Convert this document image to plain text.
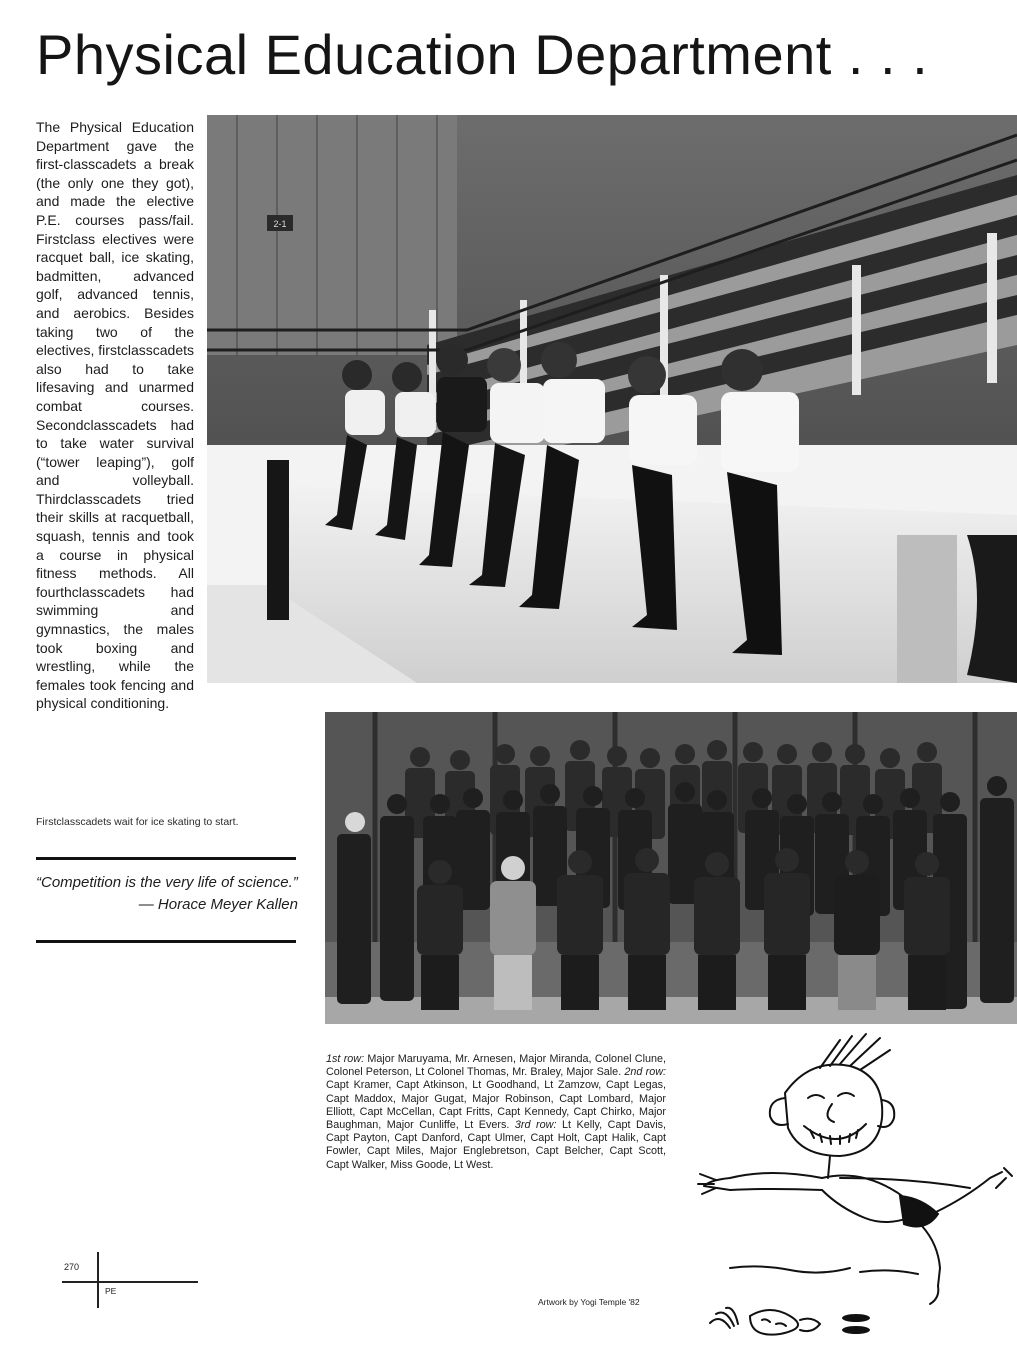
Physical Education Department . . .

The Physical Education Department gave the first-classcadets a break (the only one they got), and made the elective P.E. courses pass/fail. Firstclass electives were racquet ball, ice skating, badmitten, advanced golf, advanced tennis, and aerobics. Besides taking two of the electives, firstclasscadets also had to take lifesaving and unarmed combat courses. Secondclasscadets had to take water survival (“tower leaping”), golf and volleyball. Thirdclasscadets tried their skills at racquetball, squash, tennis and took a course in physical fitness methods. All fourthclasscadets had swimming and gymnastics, the males took boxing and wrestling, while the females took fencing and physical conditioning.

2-1

Firstclasscadets wait for ice skating to start.

“Competition is the very life of science.”
— Horace Meyer Kallen

1st row: Major Maruyama, Mr. Arnesen, Major Miranda, Colonel Clune, Colonel Peterson, Lt Colonel Thomas, Mr. Braley, Major Sale. 2nd row: Capt Kramer, Capt Atkinson, Lt Goodhand, Lt Zamzow, Capt Legas, Capt Maddox, Major Gugat, Major Robinson, Capt Lombard, Major Elliott, Capt McCellan, Capt Fritts, Capt Kennedy, Capt Chirko, Major Baughman, Major Cunliffe, Lt Evers. 3rd row: Lt Kelly, Capt Davis, Capt Payton, Capt Danford, Capt Ulmer, Capt Holt, Capt Halik, Capt Fowler, Capt Miles, Major Englebretson, Capt Belcher, Capt Scott, Capt Walker, Miss Goode, Lt West.

270
PE
Artwork by Yogi Temple '82
